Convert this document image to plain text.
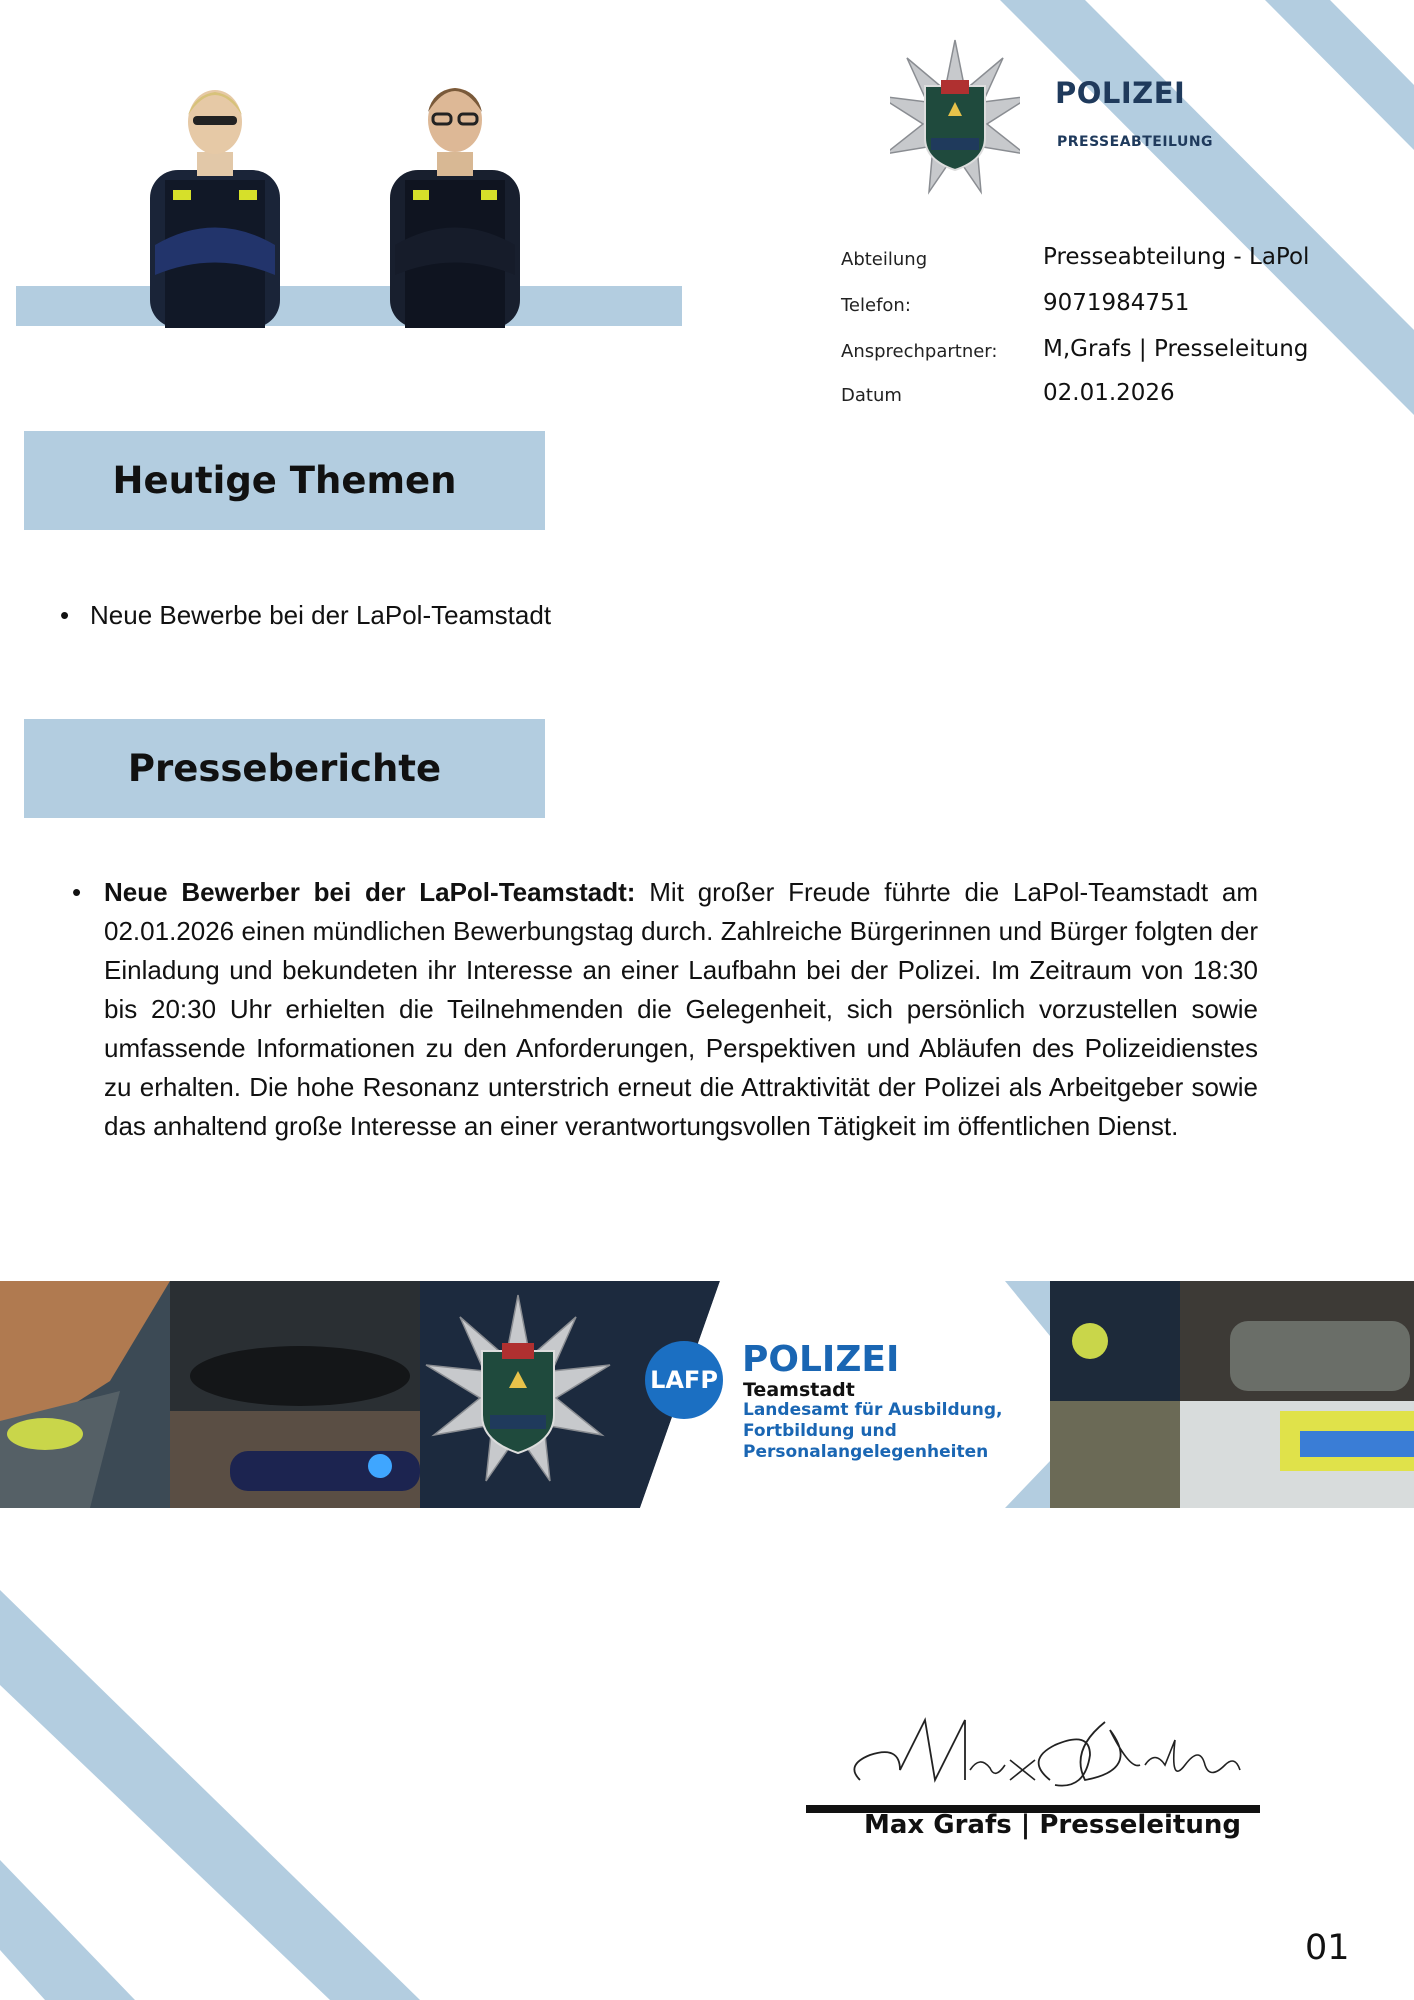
POLIZEI
PRESSEABTEILUNG
Abteilung	Presseabteilung - LaPol
Telefon:	9071984751
Ansprechpartner: M,Grafs | Presseleitung
Datum	02.01.2026
Heutige Themen
• Neue Bewerbe bei der LaPol-Teamstadt
Presseberichte
• Neue Bewerber bei der LaPol-Teamstadt: Mit großer Freude führte die LaPol-Teamstadt am 02.01.2026 einen mündlichen Bewerbungstag durch. Zahlreiche Bürgerinnen und Bürger folgten der Einladung und bekundeten ihr Interesse an einer Laufbahn bei der Polizei. Im Zeitraum von 18:30 bis 20:30 Uhr erhielten die Teilnehmenden die Gelegenheit, sich persönlich vorzustellen sowie umfassende Informationen zu den Anforderungen, Perspektiven und Abläufen des Polizeidienstes zu erhalten. Die hohe Resonanz unterstrich erneut die Attraktivität der Polizei als Arbeitgeber sowie das anhaltend große Interesse an einer verantwortungsvollen Tätigkeit im öffentlichen Dienst.

LAFP POLIZEI
Teamstadt
Landesamt für Ausbildung, Fortbildung und Personalangelegenheiten
Max Grafs | Presseleitung
01
